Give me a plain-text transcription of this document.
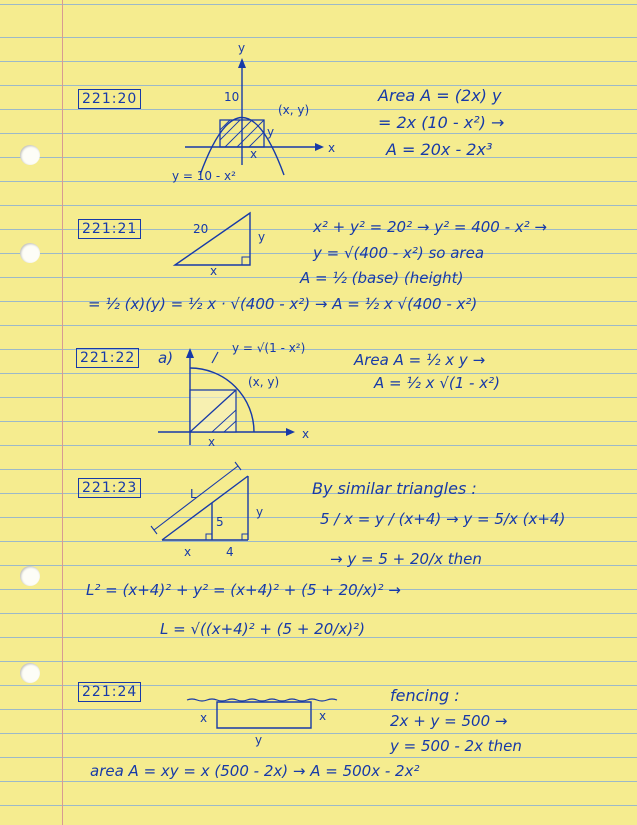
221:20
y
x
10
(x, y)
x
y
y = 10 - x²
Area A = (2x) y
= 2x (10 - x²) →
A = 20x - 2x³
221:21	20
y
x
x² + y² = 20² → y² = 400 - x² →
y = √(400 - x²) so area
A = ½ (base) (height)
= ½ (x)(y) = ½ x · √(400 - x²) → A = ½ x √(400 - x²)
221:22 a)
y = √(1 - x²)
(x, y)
x
x
Area A = ½ x y →
A = ½ x √(1 - x²)
221:23	L
5
y
x	4
By similar triangles :
5 / x = y / (x+4) → y = 5/x (x+4)
→ y = 5 + 20/x then
L² = (x+4)² + y² = (x+4)² + (5 + 20/x)² →
L = √((x+4)² + (5 + 20/x)²)
221:24
x	x
y
fencing :
2x + y = 500 →
y = 500 - 2x then
area A = xy = x (500 - 2x) → A = 500x - 2x²
